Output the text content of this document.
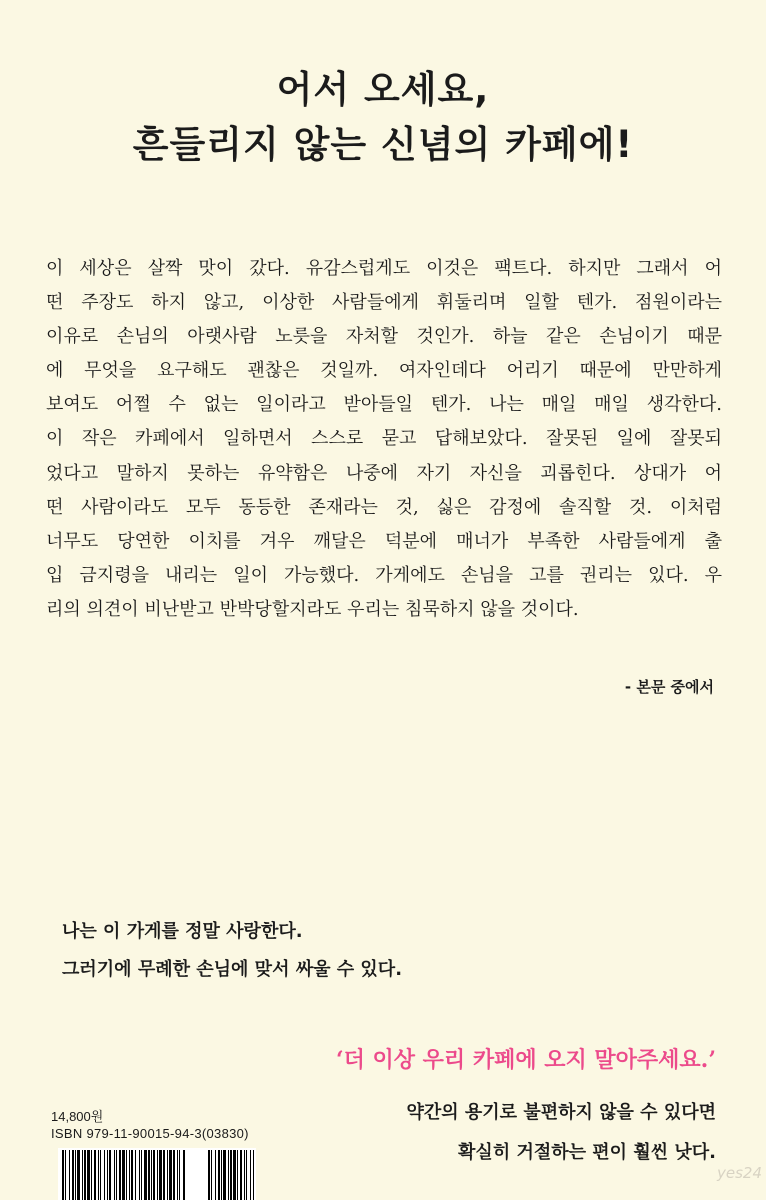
어서 오세요,
흔들리지 않는 신념의 카페에!
이 세상은 살짝 맛이 갔다. 유감스럽게도 이것은 팩트다. 하지만 그래서 어
떤 주장도 하지 않고, 이상한 사람들에게 휘둘리며 일할 텐가. 점원이라는
이유로 손님의 아랫사람 노릇을 자처할 것인가. 하늘 같은 손님이기 때문
에 무엇을 요구해도 괜찮은 것일까. 여자인데다 어리기 때문에 만만하게
보여도 어쩔 수 없는 일이라고 받아들일 텐가. 나는 매일 매일 생각한다.
이 작은 카페에서 일하면서 스스로 묻고 답해보았다. 잘못된 일에 잘못되
었다고 말하지 못하는 유약함은 나중에 자기 자신을 괴롭힌다. 상대가 어
떤 사람이라도 모두 동등한 존재라는 것, 싫은 감정에 솔직할 것. 이처럼
너무도 당연한 이치를 겨우 깨달은 덕분에 매너가 부족한 사람들에게 출
입 금지령을 내리는 일이 가능했다. 가게에도 손님을 고를 권리는 있다. 우
리의 의견이 비난받고 반박당할지라도 우리는 침묵하지 않을 것이다.
- 본문 중에서
나는 이 가게를 정말 사랑한다.
그러기에 무례한 손님에 맞서 싸울 수 있다.
‘더 이상 우리 카페에 오지 말아주세요.’
약간의 용기로 불편하지 않을 수 있다면
확실히 거절하는 편이 훨씬 낫다.
14,800원
ISBN 979-11-90015-94-3(03830)
yes24
